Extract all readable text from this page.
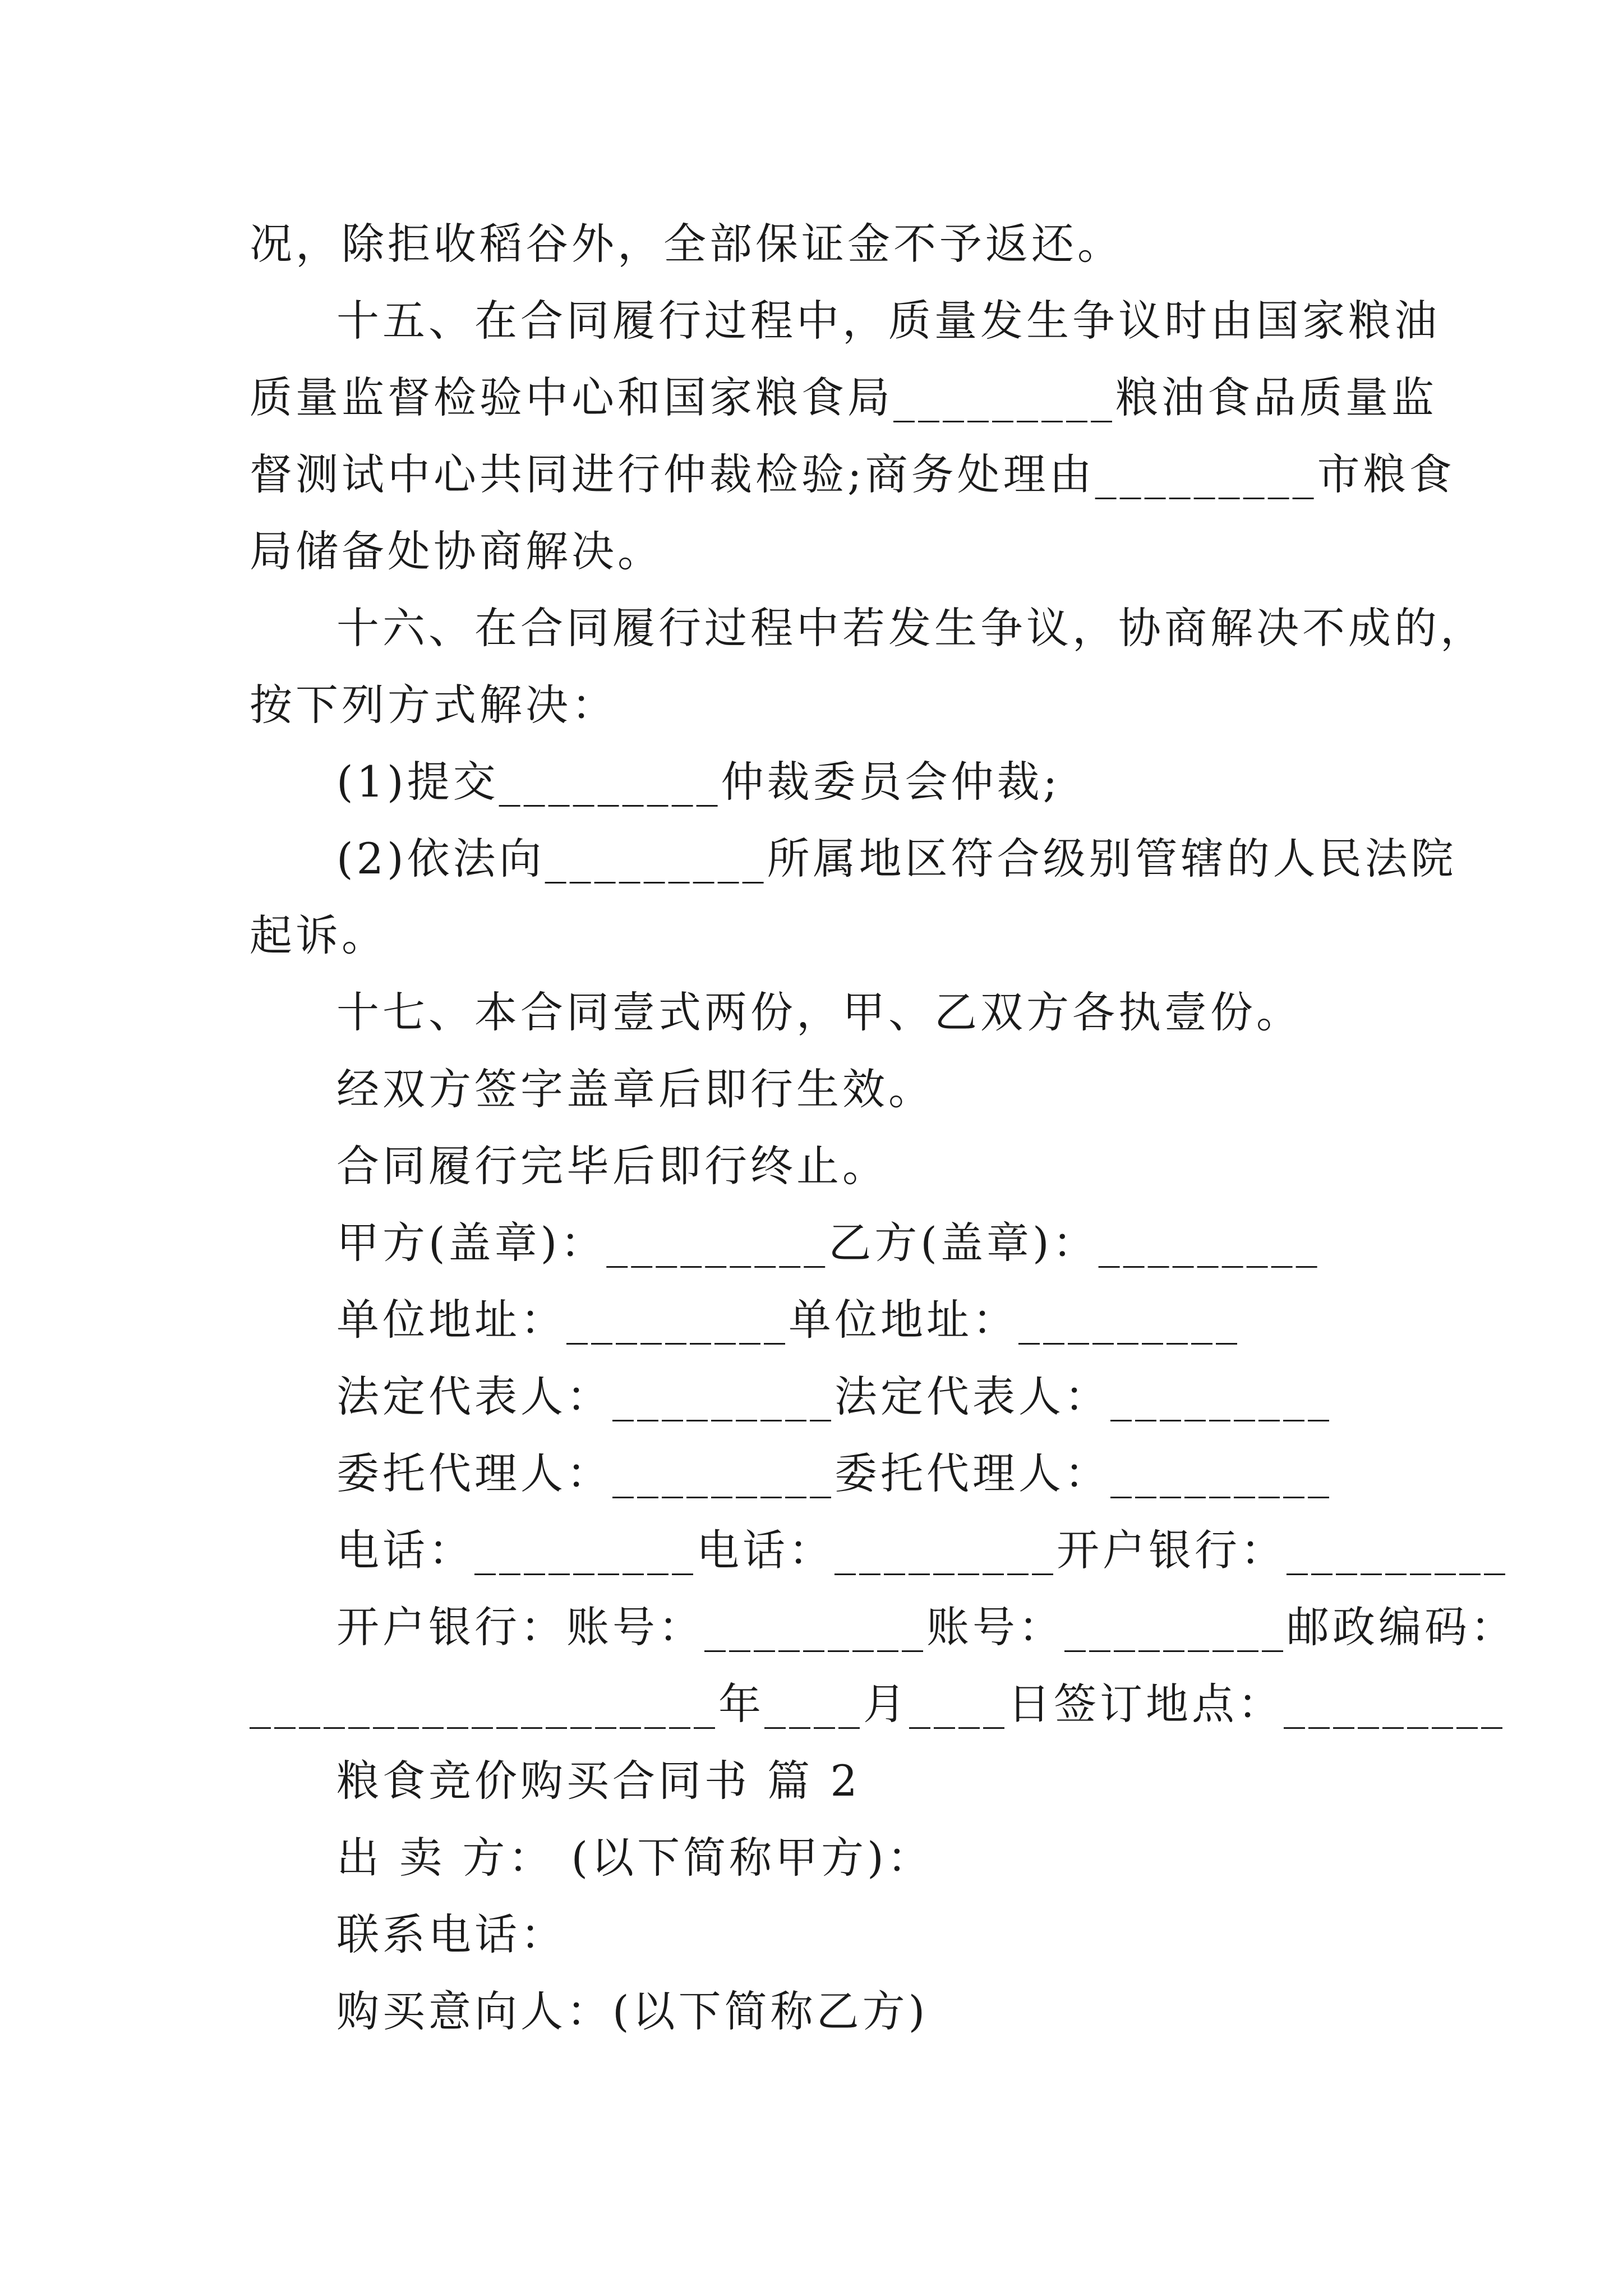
况，除拒收稻谷外，全部保证金不予返还。
十五、在合同履行过程中，质量发生争议时由国家粮油
质量监督检验中心和国家粮食局_________粮油食品质量监
督测试中心共同进行仲裁检验;商务处理由_________市粮食
局储备处协商解决。
十六、在合同履行过程中若发生争议，协商解决不成的，
按下列方式解决：
(1)提交_________仲裁委员会仲裁;
(2)依法向_________所属地区符合级别管辖的人民法院
起诉。
十七、本合同壹式两份，甲、乙双方各执壹份。
经双方签字盖章后即行生效。
合同履行完毕后即行终止。
甲方(盖章)：_________乙方(盖章)：_________
单位地址：_________单位地址：_________
法定代表人：_________法定代表人：_________
委托代理人：_________委托代理人：_________
电话：_________电话：_________开户银行：_________
开户银行：账号：_________账号：_________邮政编码：
___________________年____月____日签订地点：_________
粮食竞价购买合同书 篇 2
出 卖 方： (以下简称甲方)：
联系电话：
购买意向人：(以下简称乙方)
